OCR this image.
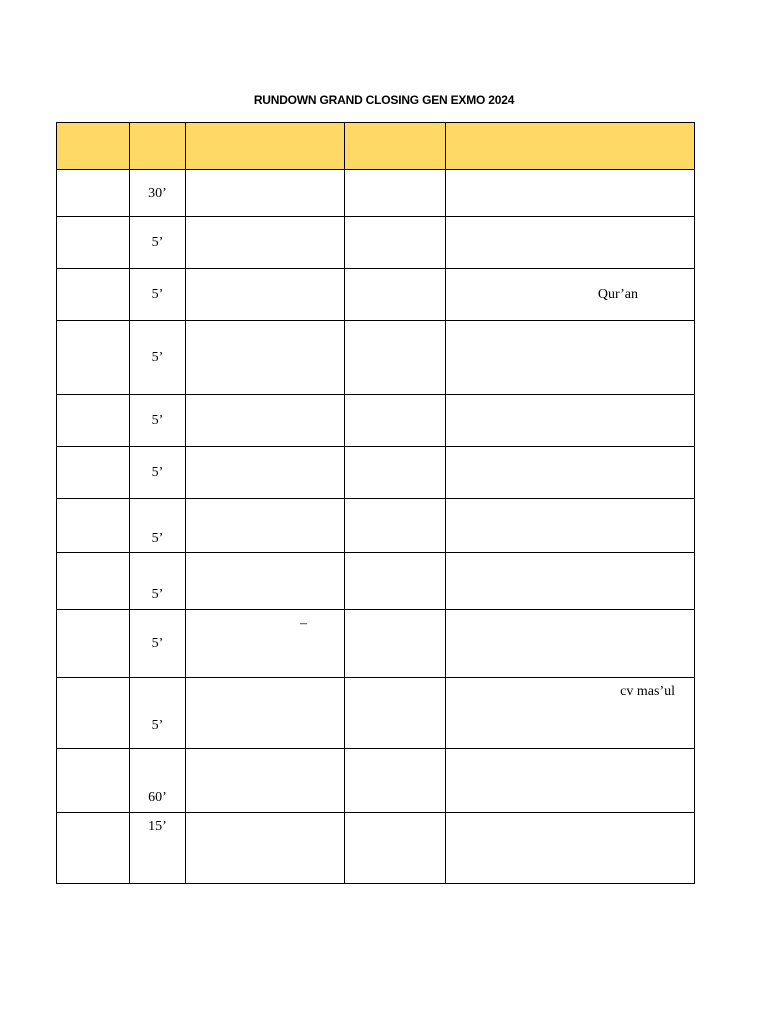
RUNDOWN GRAND CLOSING GEN EXMO 2024

	30’			
	5’			
	5’			Qur’an
	5’			
	5’			
	5’			
	5’			
	5’			
	5’	–		
	5’			cv mas’ul
	60’			
	15’			
